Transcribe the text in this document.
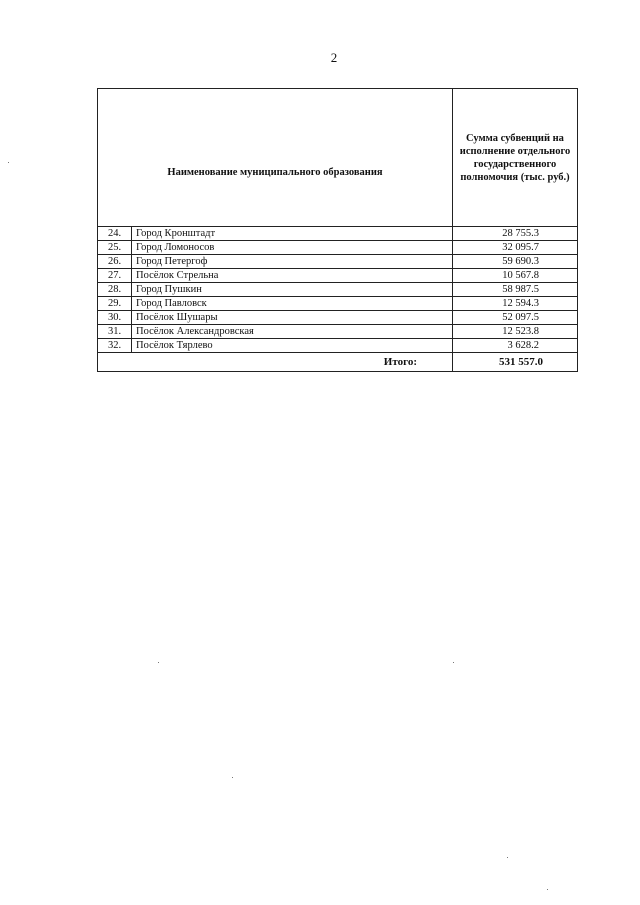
2
Наименование муниципального образования		Сумма субвенций на исполнение отдельного государственного полномочия (тыс. руб.)
24.	Город Кронштадт	28 755.3
25.	Город Ломоносов	32 095.7
26.	Город Петергоф	59 690.3
27.	Посёлок Стрельна	10 567.8
28.	Город Пушкин	58 987.5
29.	Город Павловск	12 594.3
30.	Посёлок Шушары	52 097.5
31.	Посёлок Александровская	12 523.8
32.	Посёлок Тярлево	3 628.2
Итого:		531 557.0
